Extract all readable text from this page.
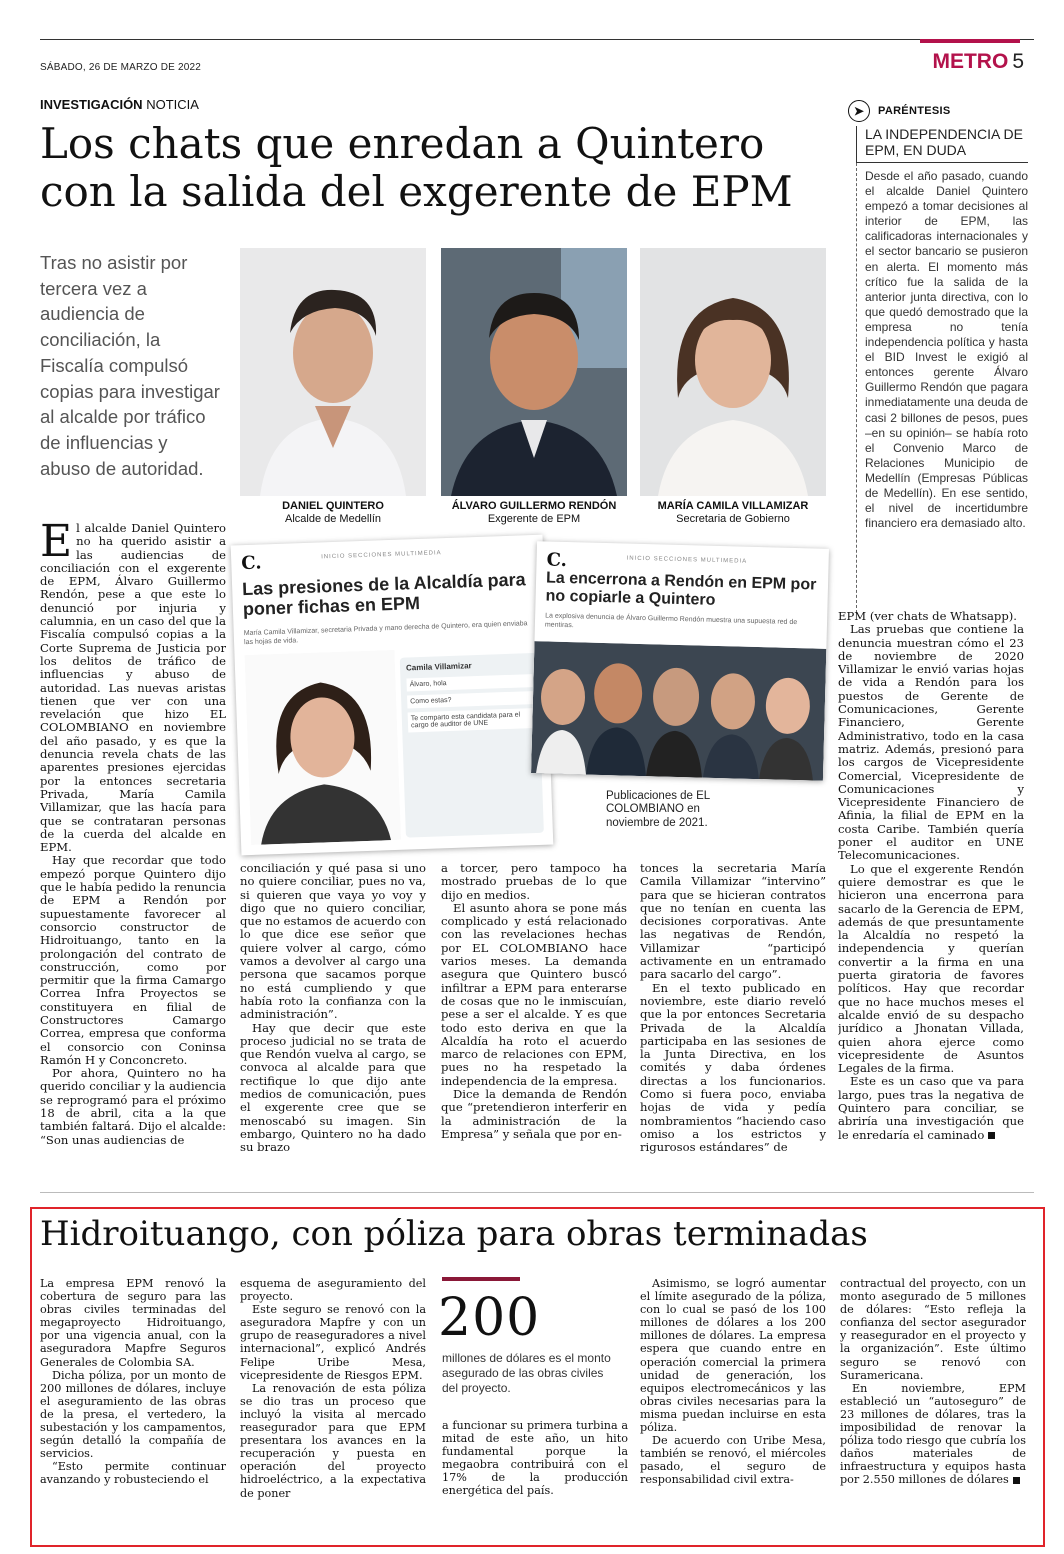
SÁBADO, 26 DE MARZO DE 2022	METRO 5
INVESTIGACIÓN NOTICIA
Los chats que enredan a Quintero con la salida del exgerente de EPM
Tras no asistir por tercera vez a audiencia de conciliación, la Fiscalía compulsó copias para investigar al alcalde por tráfico de influencias y abuso de autoridad.
DANIEL QUINTERO
Alcalde de Medellín
ÁLVARO GUILLERMO RENDÓN
Exgerente de EPM
MARÍA CAMILA VILLAMIZAR
Secretaria de Gobierno
C.	INICIO SECCIONES MULTIMEDIA
Las presiones de la Alcaldía para poner fichas en EPM
María Camila Villamizar, secretaria Privada y mano derecha de Quintero, era quien enviaba las hojas de vida.
Camila Villamizar
Álvaro, hola
Como estas?
Te comparto esta candidata para el cargo de auditor de UNE
C.	INICIO SECCIONES MULTIMEDIA
La encerrona a Rendón en EPM por no copiarle a Quintero
La explosiva denuncia de Álvaro Guillermo Rendón muestra una supuesta red de mentiras.
Publicaciones de EL COLOMBIANO en noviembre de 2021.
➤	PARÉNTESIS
LA INDEPENDENCIA DE EPM, EN DUDA
Desde el año pasado, cuando el alcalde Daniel Quintero empezó a tomar decisiones al interior de EPM, las calificadoras internacionales y el sector bancario se pusieron en alerta. El momento más crítico fue la salida de la anterior junta directiva, con lo que quedó demostrado que la empresa no tenía independencia política y hasta el BID Invest le exigió al entonces gerente Álvaro Guillermo Rendón que pagara inmediatamente una deuda de casi 2 billones de pesos, pues –en su opinión– se había roto el Convenio Marco de Relaciones Municipio de Medellín (Empresas Públicas de Medellín). En ese sentido, el nivel de incertidumbre financiero era demasiado alto.

El alcalde Daniel Quintero no ha querido asistir a las audiencias de conciliación con el exgerente de EPM, Álvaro Guillermo Rendón, pese a que este lo denunció por injuria y calumnia, en un caso del que la Fiscalía compulsó copias a la Corte Suprema de Justicia por los delitos de tráfico de influencias y abuso de autoridad. Las nuevas aristas tienen que ver con una revelación que hizo EL COLOMBIANO en noviembre del año pasado, y es que la denuncia revela chats de las aparentes presiones ejercidas por la entonces secretaria Privada, María Camila Villamizar, que las hacía para que se contrataran personas de la cuerda del alcalde en EPM.

Hay que recordar que todo empezó porque Quintero dijo que le había pedido la renuncia de EPM a Rendón por supuestamente favorecer al consorcio constructor de Hidroituango, tanto en la prolongación del contrato de construcción, como por permitir que la firma Camargo Correa Infra Proyectos se constituyera en filial de Constructores Camargo Correa, empresa que conforma el consorcio con Coninsa Ramón H y Conconcreto.

Por ahora, Quintero no ha querido conciliar y la audiencia se reprogramó para el próximo 18 de abril, cita a la que también faltará. Dijo el alcalde: “Son unas audiencias de

conciliación y qué pasa si uno no quiere conciliar, pues no va, si quieren que vaya yo voy y digo que no quiero conciliar, que no estamos de acuerdo con lo que dice ese señor que quiere volver al cargo, cómo vamos a devolver al cargo una persona que sacamos porque no está cumpliendo y que había roto la confianza con la administración”.

Hay que decir que este proceso judicial no se trata de que Rendón vuelva al cargo, se convoca al alcalde para que rectifique lo que dijo ante medios de comunicación, pues el exgerente cree que se menoscabó su imagen. Sin embargo, Quintero no ha dado su brazo

a torcer, pero tampoco ha mostrado pruebas de lo que dijo en medios.

El asunto ahora se pone más complicado y está relacionado con las revelaciones hechas por EL COLOMBIANO hace varios meses. La demanda asegura que Quintero buscó infiltrar a EPM para enterarse de cosas que no le inmiscuían, pese a ser el alcalde. Y es que todo esto deriva en que la Alcaldía ha roto el acuerdo marco de relaciones con EPM, pues no ha respetado la independencia de la empresa.

Dice la demanda de Rendón que “pretendieron interferir en la administración de la Empresa” y señala que por en-

tonces la secretaria María Camila Villamizar “intervino” para que se hicieran contratos que no tenían en cuenta las decisiones corporativas. Ante las negativas de Rendón, Villamizar “participó activamente en un entramado para sacarlo del cargo”.

En el texto publicado en noviembre, este diario reveló que la por entonces Secretaria Privada de la Alcaldía participaba en las sesiones de la Junta Directiva, en los comités y daba órdenes directas a los funcionarios. Como si fuera poco, enviaba hojas de vida y pedía nombramientos “haciendo caso omiso a los estrictos y rigurosos estándares” de

EPM (ver chats de Whatsapp).

Las pruebas que contiene la denuncia muestran cómo el 23 de noviembre de 2020 Villamizar le envió varias hojas de vida a Rendón para los puestos de Gerente de Comunicaciones, Gerente Financiero, Gerente Administrativo, todo en la casa matriz. Además, presionó para los cargos de Vicepresidente Comercial, Vicepresidente de Comunicaciones y Vicepresidente Financiero de Afinia, la filial de EPM en la costa Caribe. También quería poner el auditor en UNE Telecomunicaciones.

Lo que el exgerente Rendón quiere demostrar es que le hicieron una encerrona para sacarlo de la Gerencia de EPM, además de que presuntamente la Alcaldía no respetó la independencia y querían convertir a la firma en una puerta giratoria de favores políticos. Hay que recordar que no hace muchos meses el alcalde envió de su despacho jurídico a Jhonatan Villada, quien ahora ejerce como vicepresidente de Asuntos Legales de la firma.

Este es un caso que va para largo, pues tras la negativa de Quintero para conciliar, se abriría una investigación que le enredaría el caminado

La empresa EPM renovó la cobertura de seguro para las obras civiles terminadas del megaproyecto Hidroituango, por una vigencia anual, con la aseguradora Mapfre Seguros Generales de Colombia SA.

Dicha póliza, por un monto de 200 millones de dólares, incluye el aseguramiento de las obras de la presa, el vertedero, la subestación y los campamentos, según detalló la compañía de servicios.

“Esto permite continuar avanzando y robusteciendo el

esquema de aseguramiento del proyecto.

Este seguro se renovó con la aseguradora Mapfre y con un grupo de reaseguradores a nivel internacional”, explicó Andrés Felipe Uribe Mesa, vicepresidente de Riesgos EPM.

La renovación de esta póliza se dio tras un proceso que incluyó la visita al mercado reasegurador para que EPM presentara los avances en la recuperación y puesta en operación del proyecto hidroeléctrico, a la expectativa de poner

a funcionar su primera turbina a mitad de este año, un hito fundamental porque la megaobra contribuirá con el 17% de la producción energética del país.

Asimismo, se logró aumentar el límite asegurado de la póliza, con lo cual se pasó de los 100 millones de dólares a los 200 millones de dólares. La empresa espera que cuando entre en operación comercial la primera unidad de generación, los equipos electromecánicos y las obras civiles necesarias para la misma puedan incluirse en esta póliza.

De acuerdo con Uribe Mesa, también se renovó, el miércoles pasado, el seguro de responsabilidad civil extra-

contractual del proyecto, con un monto asegurado de 5 millones de dólares: “Esto refleja la confianza del sector asegurador y reasegurador en el proyecto y la organización”. Este último seguro se renovó con Suramericana.

En noviembre, EPM estableció un “autoseguro” de 23 millones de dólares, tras la imposibilidad de renovar la póliza todo riesgo que cubría los daños materiales de infraestructura y equipos hasta por 2.550 millones de dólares

Hidroituango, con póliza para obras terminadas
200
millones de dólares es el monto asegurado de las obras civiles del proyecto.
